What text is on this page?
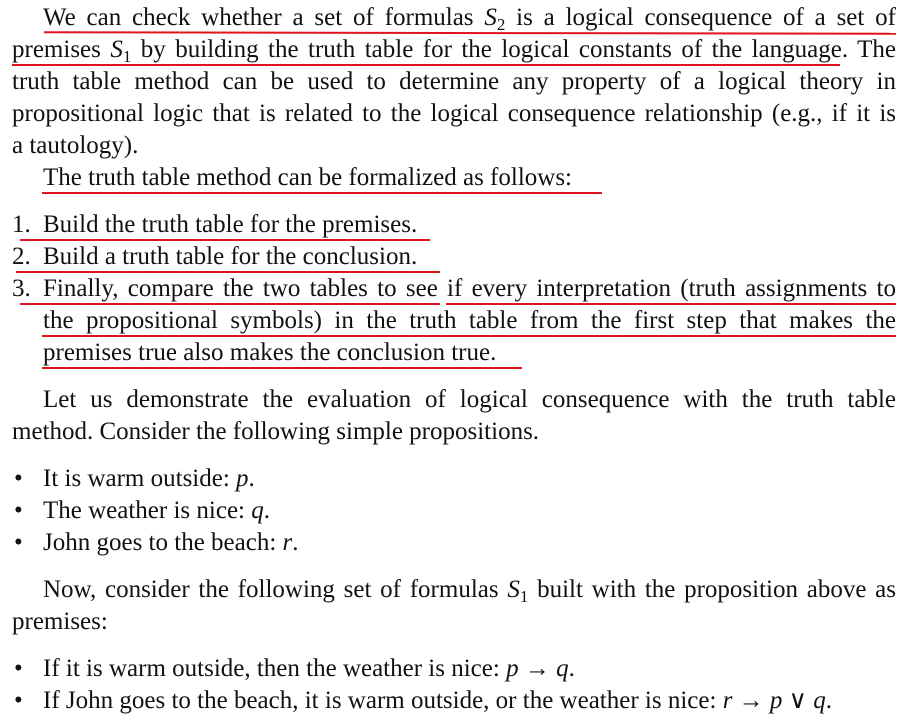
We can check whether a set of formulas $S_2$ is a logical consequence of a set of
premises $S_1$ by building the truth table for the logical constants of the language. The
truth table method can be used to determine any property of a logical theory in
propositional logic that is related to the logical consequence relationship (e.g., if it is
a tautology).
The truth table method can be formalized as follows:
1. Build the truth table for the premises.
2. Build a truth table for the conclusion.
3. Finally, compare the two tables to see if every interpretation (truth assignments to
the propositional symbols) in the truth table from the first step that makes the
premises true also makes the conclusion true.
Let us demonstrate the evaluation of logical consequence with the truth table
method. Consider the following simple propositions.
• It is warm outside: p.
• The weather is nice: q.
• John goes to the beach: r.
Now, consider the following set of formulas $S_1$ built with the proposition above as
premises:
• If it is warm outside, then the weather is nice: p → q.
• If John goes to the beach, it is warm outside, or the weather is nice: r → p ∨ q.
